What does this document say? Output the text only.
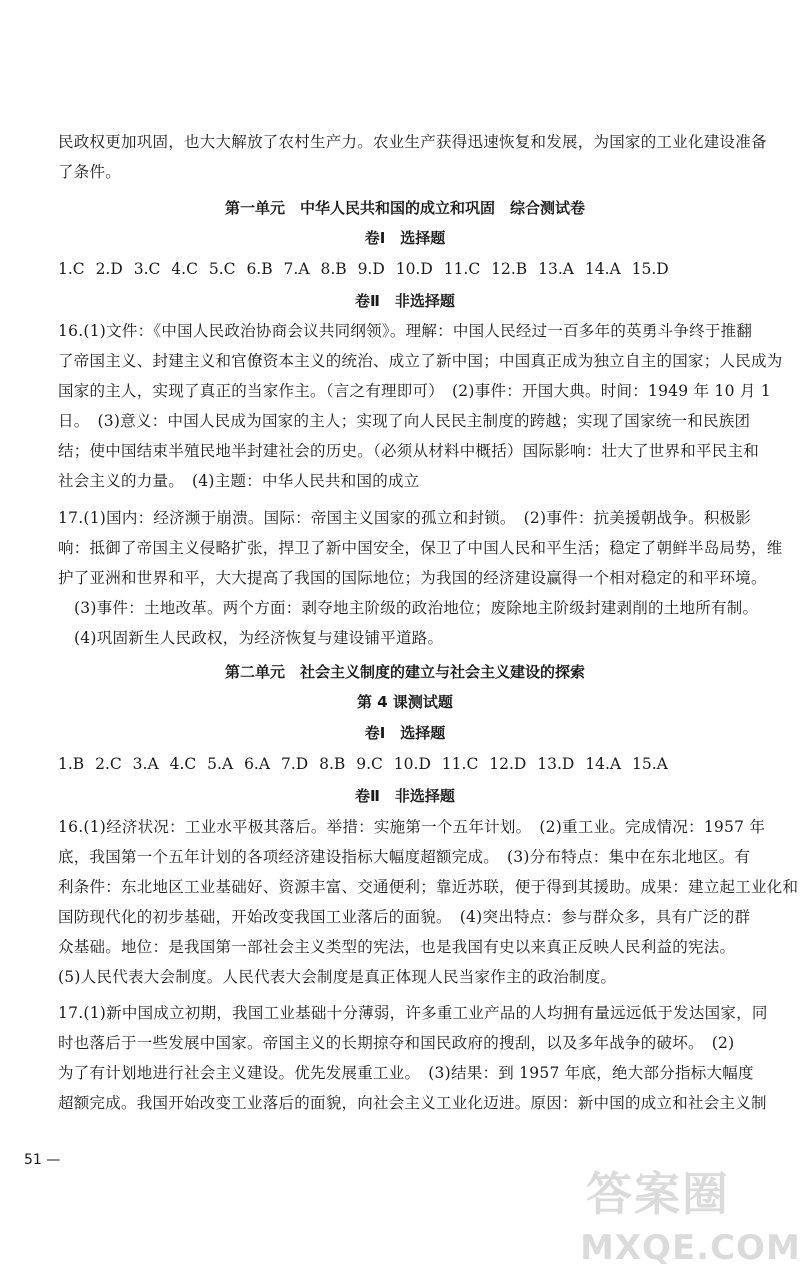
民政权更加巩固，也大大解放了农村生产力。农业生产获得迅速恢复和发展，为国家的工业化建设准备
了条件。
第一单元　中华人民共和国的成立和巩固　综合测试卷
卷Ⅰ　选择题
1.C 2.D 3.C 4.C 5.C 6.B 7.A 8.B 9.D 10.D 11.C 12.B 13.A 14.A 15.D
卷Ⅱ　非选择题
16.(1)文件：《中国人民政治协商会议共同纲领》。理解：中国人民经过一百多年的英勇斗争终于推翻
了帝国主义、封建主义和官僚资本主义的统治、成立了新中国；中国真正成为独立自主的国家；人民成为
国家的主人，实现了真正的当家作主。（言之有理即可）　(2)事件：开国大典。时间：1949 年 10 月 1
日。　(3)意义：中国人民成为国家的主人；实现了向人民民主制度的跨越；实现了国家统一和民族团
结；使中国结束半殖民地半封建社会的历史。（必须从材料中概括）国际影响：壮大了世界和平民主和
社会主义的力量。　(4)主题：中华人民共和国的成立
17.(1)国内：经济濒于崩溃。国际：帝国主义国家的孤立和封锁。　(2)事件：抗美援朝战争。积极影
响：抵御了帝国主义侵略扩张，捍卫了新中国安全，保卫了中国人民和平生活；稳定了朝鲜半岛局势，维
护了亚洲和世界和平，大大提高了我国的国际地位；为我国的经济建设赢得一个相对稳定的和平环境。
(3)事件：土地改革。两个方面：剥夺地主阶级的政治地位；废除地主阶级封建剥削的土地所有制。
(4)巩固新生人民政权，为经济恢复与建设铺平道路。
第二单元　社会主义制度的建立与社会主义建设的探索
第 4 课测试题
卷Ⅰ　选择题
1.B 2.C 3.A 4.C 5.A 6.A 7.D 8.B 9.C 10.D 11.C 12.D 13.D 14.A 15.A
卷Ⅱ　非选择题
16.(1)经济状况：工业水平极其落后。举措：实施第一个五年计划。　(2)重工业。完成情况：1957 年
底，我国第一个五年计划的各项经济建设指标大幅度超额完成。　(3)分布特点：集中在东北地区。有
利条件：东北地区工业基础好、资源丰富、交通便利；靠近苏联，便于得到其援助。成果：建立起工业化和
国防现代化的初步基础，开始改变我国工业落后的面貌。　(4)突出特点：参与群众多，具有广泛的群
众基础。地位：是我国第一部社会主义类型的宪法，也是我国有史以来真正反映人民利益的宪法。
(5)人民代表大会制度。人民代表大会制度是真正体现人民当家作主的政治制度。
17.(1)新中国成立初期，我国工业基础十分薄弱，许多重工业产品的人均拥有量远远低于发达国家，同
时也落后于一些发展中国家。帝国主义的长期掠夺和国民政府的搜刮，以及多年战争的破坏。　(2)
为了有计划地进行社会主义建设。优先发展重工业。　(3)结果：到 1957 年底，绝大部分指标大幅度
超额完成。我国开始改变工业落后的面貌，向社会主义工业化迈进。原因：新中国的成立和社会主义制
51 —
答案圈
MXQE.COM
